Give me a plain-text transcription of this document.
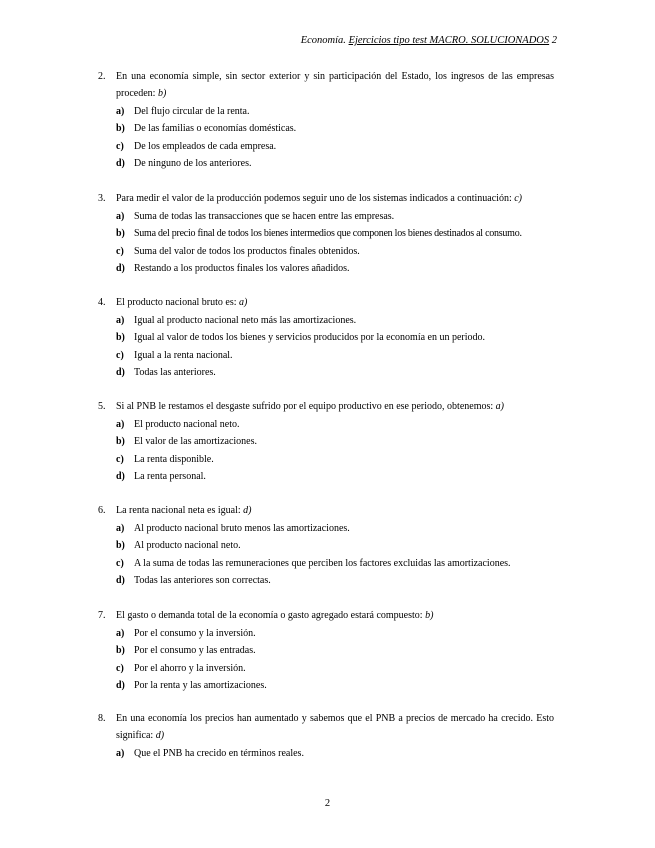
Economía. Ejercicios tipo test MACRO. SOLUCIONADOS 2
2. En una economía simple, sin sector exterior y sin participación del Estado, los ingresos de las empresas proceden: b)
a) Del flujo circular de la renta.
b) De las familias o economías domésticas.
c) De los empleados de cada empresa.
d) De ninguno de los anteriores.
3. Para medir el valor de la producción podemos seguir uno de los sistemas indicados a continuación: c)
a) Suma de todas las transacciones que se hacen entre las empresas.
b) Suma del precio final de todos los bienes intermedios que componen los bienes destinados al consumo.
c) Suma del valor de todos los productos finales obtenidos.
d) Restando a los productos finales los valores añadidos.
4. El producto nacional bruto es: a)
a) Igual al producto nacional neto más las amortizaciones.
b) Igual al valor de todos los bienes y servicios producidos por la economía en un periodo.
c) Igual a la renta nacional.
d) Todas las anteriores.
5. Si al PNB le restamos el desgaste sufrido por el equipo productivo en ese periodo, obtenemos: a)
a) El producto nacional neto.
b) El valor de las amortizaciones.
c) La renta disponible.
d) La renta personal.
6. La renta nacional neta es igual: d)
a) Al producto nacional bruto menos las amortizaciones.
b) Al producto nacional neto.
c) A la suma de todas las remuneraciones que perciben los factores excluidas las amortizaciones.
d) Todas las anteriores son correctas.
7. El gasto o demanda total de la economía o gasto agregado estará compuesto: b)
a) Por el consumo y la inversión.
b) Por el consumo y las entradas.
c) Por el ahorro y la inversión.
d) Por la renta y las amortizaciones.
8. En una economía los precios han aumentado y sabemos que el PNB a precios de mercado ha crecido. Esto significa: d)
a) Que el PNB ha crecido en términos reales.
2
